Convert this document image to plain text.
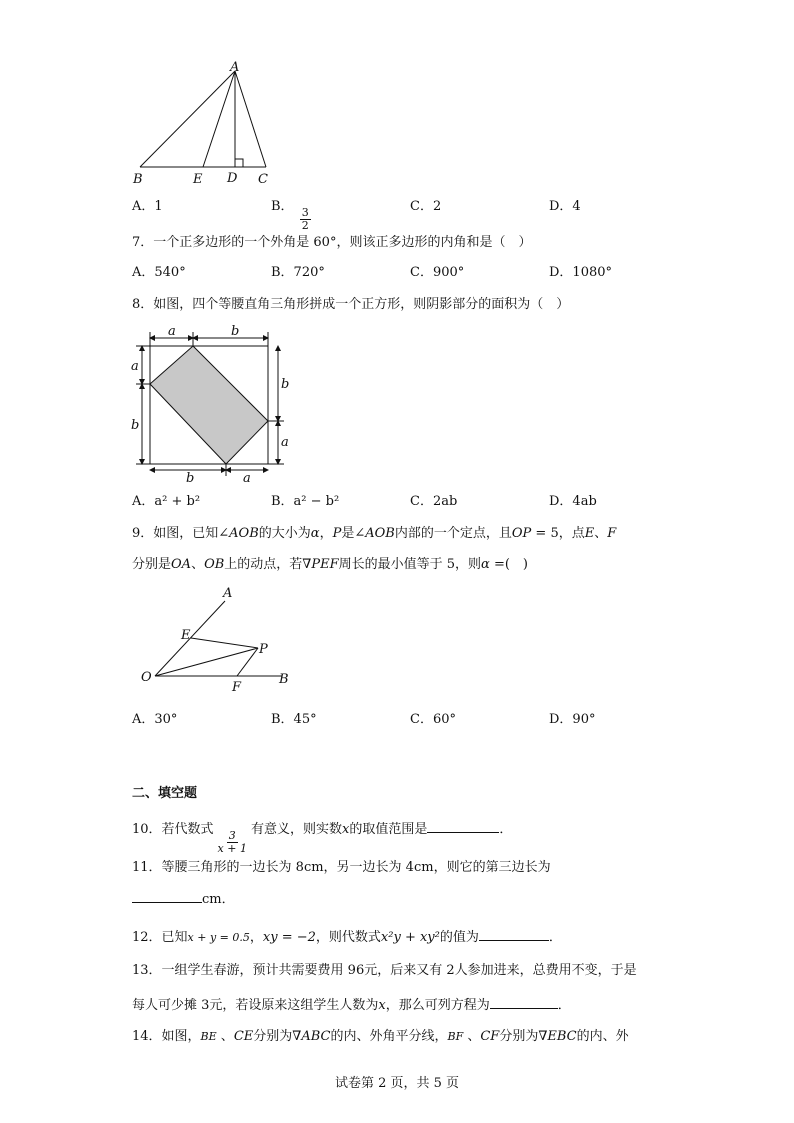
A
B	E D C
A．1	B．
$\frac{3}{2}$
C．2	D．4
7．一个正多边形的一个外角是 60°，则该正多边形的内角和是（　）
A．540°	B．720°	C．900°	D．1080°
8．如图，四个等腰直角三角形拼成一个正方形，则阴影部分的面积为（　）
a	b
a
b
b
a
b	a
A．a² + b²	B．a² − b²	C．2ab	D．4ab
9．如图，已知∠AOB的大小为α，P是∠AOB内部的一个定点，且OP = 5，点E、F
分别是OA、OB上的动点，若∇PEF周长的最小值等于 5，则α =(　)
A
E
P
O
F
B
A．30°	B．45°	C．60°	D．90°
二、填空题
10．若代数式
$\frac{3}{x + 1}$
有意义，则实数x的取值范围是	．
11．等腰三角形的一边长为 8cm，另一边长为 4cm，则它的第三边长为
cm．
12．已知x + y = 0.5，xy = −2，则代数式x²y + xy²的值为	．
13．一组学生春游，预计共需要费用 96元，后来又有 2人参加进来，总费用不变，于是
每人可少摊 3元，若设原来这组学生人数为x，那么可列方程为	．
14．如图，BE 、CE分别为∇ABC的内、外角平分线，BF 、CF分别为∇EBC的内、外
试卷第 2 页，共 5 页
